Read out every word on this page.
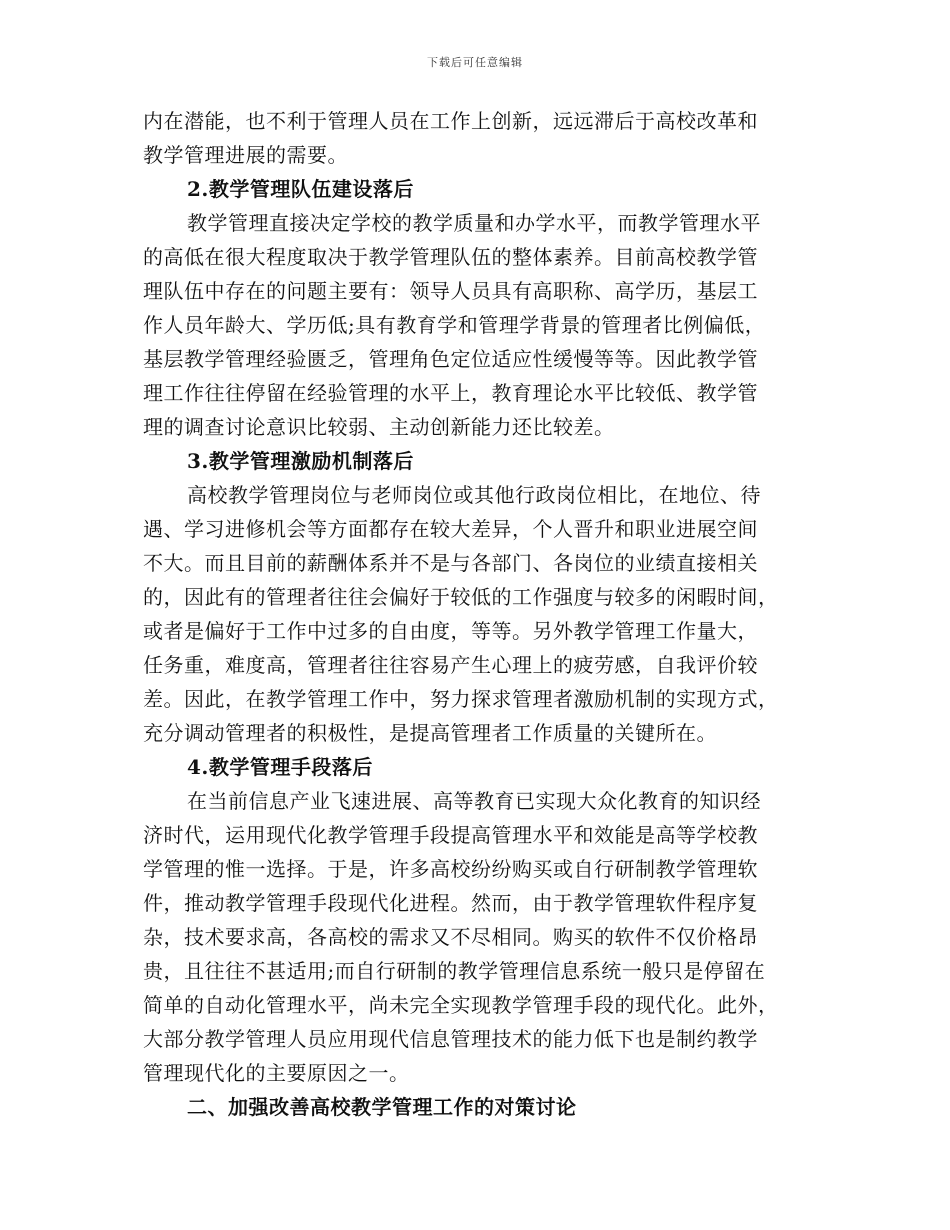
下载后可任意编辑
内在潜能，也不利于管理人员在工作上创新，远远滞后于高校改革和
教学管理进展的需要。
2.教学管理队伍建设落后
教学管理直接决定学校的教学质量和办学水平，而教学管理水平
的高低在很大程度取决于教学管理队伍的整体素养。目前高校教学管
理队伍中存在的问题主要有：领导人员具有高职称、高学历，基层工
作人员年龄大、学历低;具有教育学和管理学背景的管理者比例偏低，
基层教学管理经验匮乏，管理角色定位适应性缓慢等等。因此教学管
理工作往往停留在经验管理的水平上，教育理论水平比较低、教学管
理的调查讨论意识比较弱、主动创新能力还比较差。
3.教学管理激励机制落后
高校教学管理岗位与老师岗位或其他行政岗位相比，在地位、待
遇、学习进修机会等方面都存在较大差异，个人晋升和职业进展空间
不大。而且目前的薪酬体系并不是与各部门、各岗位的业绩直接相关
的，因此有的管理者往往会偏好于较低的工作强度与较多的闲暇时间，
或者是偏好于工作中过多的自由度，等等。另外教学管理工作量大，
任务重，难度高，管理者往往容易产生心理上的疲劳感，自我评价较
差。因此，在教学管理工作中，努力探求管理者激励机制的实现方式，
充分调动管理者的积极性，是提高管理者工作质量的关键所在。
4.教学管理手段落后
在当前信息产业飞速进展、高等教育已实现大众化教育的知识经
济时代，运用现代化教学管理手段提高管理水平和效能是高等学校教
学管理的惟一选择。于是，许多高校纷纷购买或自行研制教学管理软
件，推动教学管理手段现代化进程。然而，由于教学管理软件程序复
杂，技术要求高，各高校的需求又不尽相同。购买的软件不仅价格昂
贵，且往往不甚适用;而自行研制的教学管理信息系统一般只是停留在
简单的自动化管理水平，尚未完全实现教学管理手段的现代化。此外，
大部分教学管理人员应用现代信息管理技术的能力低下也是制约教学
管理现代化的主要原因之一。
二、加强改善高校教学管理工作的对策讨论
